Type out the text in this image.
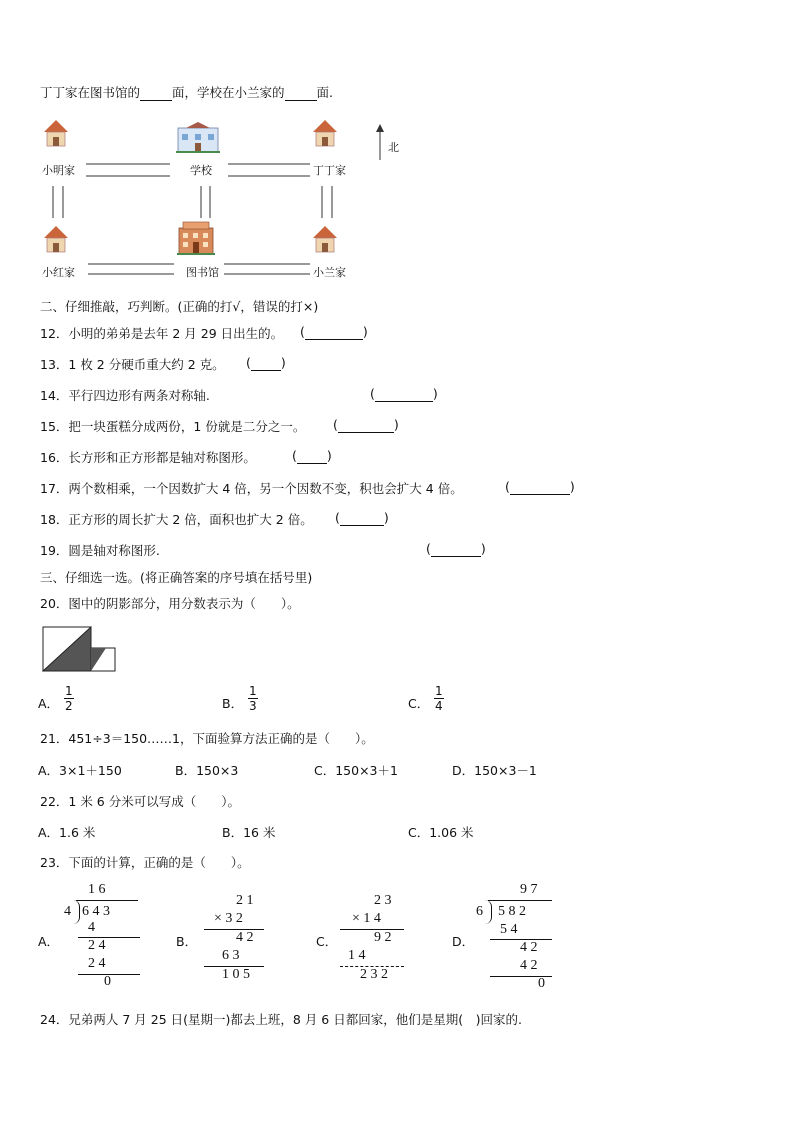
丁丁家在图书馆的	面，学校在小兰家的	面.
小明家	学校	丁丁家
小红家	图书馆	小兰家
北
二、仔细推敲，巧判断。(正确的打√，错误的打×)
12．小明的弟弟是去年 2 月 29 日出生的。 (	)
13．1 枚 2 分硬币重大约 2 克。 ( )
14．平行四边形有两条对称轴.	(	)
15．把一块蛋糕分成两份，1 份就是二分之一。 (	)
16．长方形和正方形都是轴对称图形。	( )
17．两个数相乘，一个因数扩大 4 倍，另一个因数不变，积也会扩大 4 倍。	(	)
18．正方形的周长扩大 2 倍，面积也扩大 2 倍。 (	)
19．圆是轴对称图形.	(	)
三、仔细选一选。(将正确答案的序号填在括号里)
20．图中的阴影部分，用分数表示为（　　）。
A． $\frac{1}{2}$	B． $\frac{1}{3}$	C． $\frac{1}{4}$
21．451÷3＝150……1，下面验算方法正确的是（　　）。
A．3×1＋150	B．150×3	C．150×3＋1	D．150×3－1
22．1 米 6 分米可以写成（　　）。
A．1.6 米	B．16 米	C．1.06 米
23．下面的计算，正确的是（　　）。
A．
1 6
4 6 4 3
4
2 4
2 4
0
B．
2 1
× 3 2
4 2
6 3
1 0 5
C．
2 3
× 1 4
9 2
1 4
2 3 2
D．
9 7
6 5 8 2
5 4
4 2
4 2
0
24．兄弟两人 7 月 25 日(星期一)都去上班，8 月 6 日都回家，他们是星期(　)回家的.
